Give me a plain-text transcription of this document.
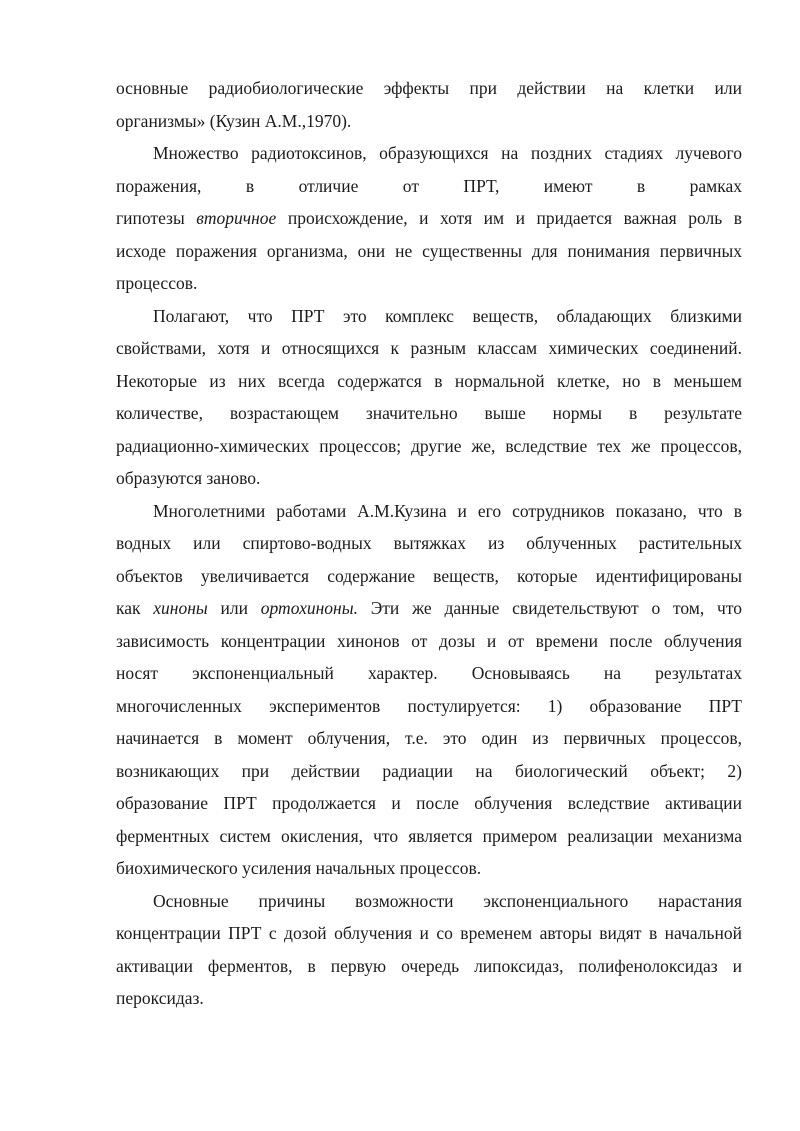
основные радиобиологические эффекты при действии на клетки или
организмы» (Кузин А.М.,1970).
Множество радиотоксинов, образующихся на поздних стадиях лучевого
поражения, в отличие от ПРТ, имеют в рамках
гипотезы вторичное происхождение, и хотя им и придается важная роль в
исходе поражения организма, они не существенны для понимания первичных
процессов.
Полагают, что ПРТ это комплекс веществ, обладающих близкими
свойствами, хотя и относящихся к разным классам химических соединений.
Некоторые из них всегда содержатся в нормальной клетке, но в меньшем
количестве, возрастающем значительно выше нормы в результате
радиационно-химических процессов; другие же, вследствие тех же процессов,
образуются заново.
Многолетними работами А.М.Кузина и его сотрудников показано, что в
водных или спиртово-водных вытяжках из облученных растительных
объектов увеличивается содержание веществ, которые идентифицированы
как хиноны или ортохиноны. Эти же данные свидетельствуют о том, что
зависимость концентрации хинонов от дозы и от времени после облучения
носят экспоненциальный характер. Основываясь на результатах
многочисленных экспериментов постулируется: 1) образование ПРТ
начинается в момент облучения, т.е. это один из первичных процессов,
возникающих при действии радиации на биологический объект; 2)
образование ПРТ продолжается и после облучения вследствие активации
ферментных систем окисления, что является примером реализации механизма
биохимического усиления начальных процессов.
Основные причины возможности экспоненциального нарастания
концентрации ПРТ с дозой облучения и со временем авторы видят в начальной
активации ферментов, в первую очередь липоксидаз, полифенолоксидаз и
пероксидаз.
